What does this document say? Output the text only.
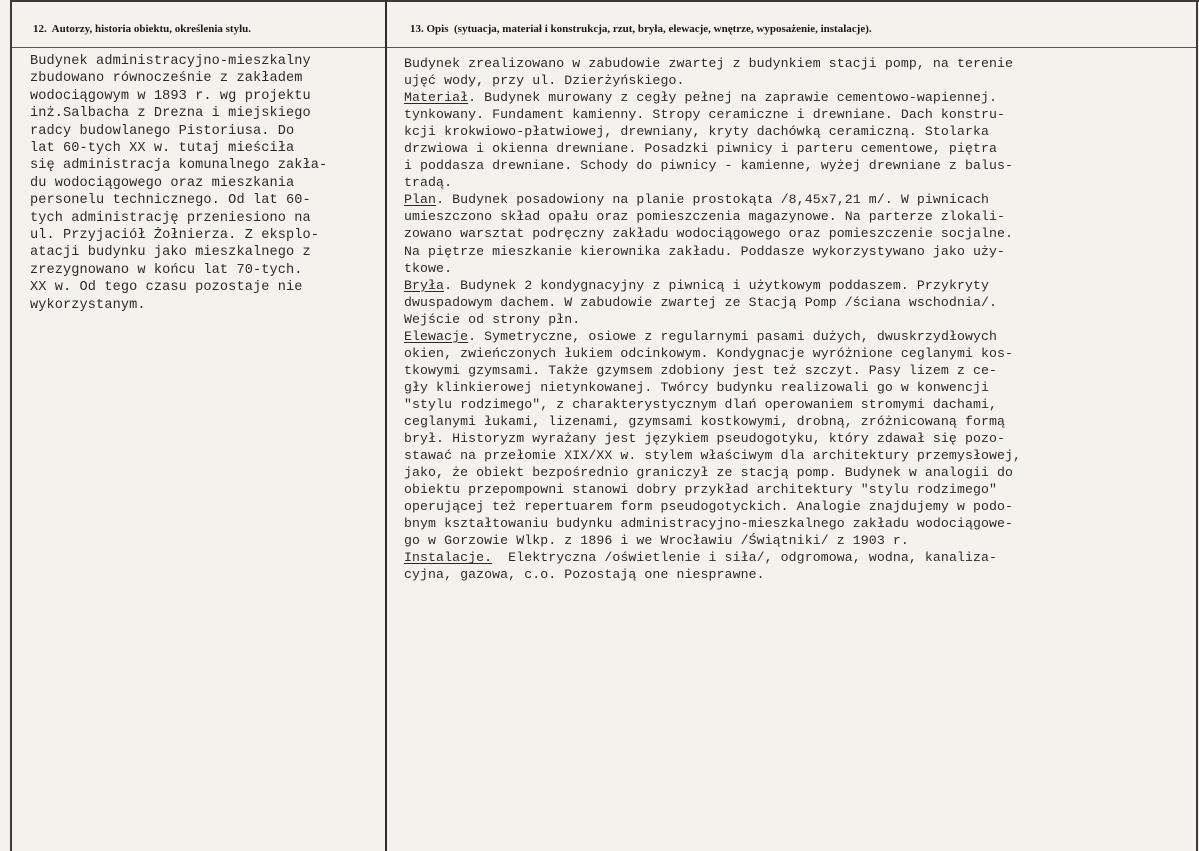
12. Autorzy, historia obiektu, określenia stylu.	13. Opis (sytuacja, materiał i konstrukcja, rzut, bryła, elewacje, wnętrze, wyposażenie, instalacje).
Budynek administracyjno-mieszkalny
zbudowano równocześnie z zakładem
wodociągowym w 1893 r. wg projektu
inż.Salbacha z Drezna i miejskiego
radcy budowlanego Pistoriusa. Do
lat 60-tych XX w. tutaj mieściła
się administracja komunalnego zakła-
du wodociągowego oraz mieszkania
personelu technicznego. Od lat 60-
tych administrację przeniesiono na
ul. Przyjaciół Żołnierza. Z eksplo-
atacji budynku jako mieszkalnego z
zrezygnowano w końcu lat 70-tych.
XX w. Od tego czasu pozostaje nie
wykorzystanym.
Budynek zrealizowano w zabudowie zwartej z budynkiem stacji pomp, na terenie
ujęć wody, przy ul. Dzierżyńskiego.
Materiał. Budynek murowany z cegły pełnej na zaprawie cementowo-wapiennej.
tynkowany. Fundament kamienny. Stropy ceramiczne i drewniane. Dach konstru-
kcji krokwiowo-płatwiowej, drewniany, kryty dachówką ceramiczną. Stolarka
drzwiowa i okienna drewniane. Posadzki piwnicy i parteru cementowe, piętra
i poddasza drewniane. Schody do piwnicy - kamienne, wyżej drewniane z balus-
tradą.
Plan. Budynek posadowiony na planie prostokąta /8,45x7,21 m/. W piwnicach
umieszczono skład opału oraz pomieszczenia magazynowe. Na parterze zlokali-
zowano warsztat podręczny zakładu wodociągowego oraz pomieszczenie socjalne.
Na piętrze mieszkanie kierownika zakładu. Poddasze wykorzystywano jako uży-
tkowe.
Bryła. Budynek 2 kondygnacyjny z piwnicą i użytkowym poddaszem. Przykryty
dwuspadowym dachem. W zabudowie zwartej ze Stacją Pomp /ściana wschodnia/.
Wejście od strony płn.
Elewacje. Symetryczne, osiowe z regularnymi pasami dużych, dwuskrzydłowych
okien, zwieńczonych łukiem odcinkowym. Kondygnacje wyróżnione ceglanymi kos-
tkowymi gzymsami. Także gzymsem zdobiony jest też szczyt. Pasy lizem z ce-
gły klinkierowej nietynkowanej. Twórcy budynku realizowali go w konwencji
"stylu rodzimego", z charakterystycznym dlań operowaniem stromymi dachami,
ceglanymi łukami, lizenami, gzymsami kostkowymi, drobną, zróżnicowaną formą
brył. Historyzm wyrażany jest językiem pseudogotyku, który zdawał się pozo-
stawać na przełomie XIX/XX w. stylem właściwym dla architektury przemysłowej,
jako, że obiekt bezpośrednio graniczył ze stacją pomp. Budynek w analogii do
obiektu przepompowni stanowi dobry przykład architektury "stylu rodzimego"
operującej też repertuarem form pseudogotyckich. Analogie znajdujemy w podo-
bnym kształtowaniu budynku administracyjno-mieszkalnego zakładu wodociągowe-
go w Gorzowie Wlkp. z 1896 i we Wrocławiu /Świątniki/ z 1903 r.
Instalacje.  Elektryczna /oświetlenie i siła/, odgromowa, wodna, kanaliza-
cyjna, gazowa, c.o. Pozostają one niesprawne.
